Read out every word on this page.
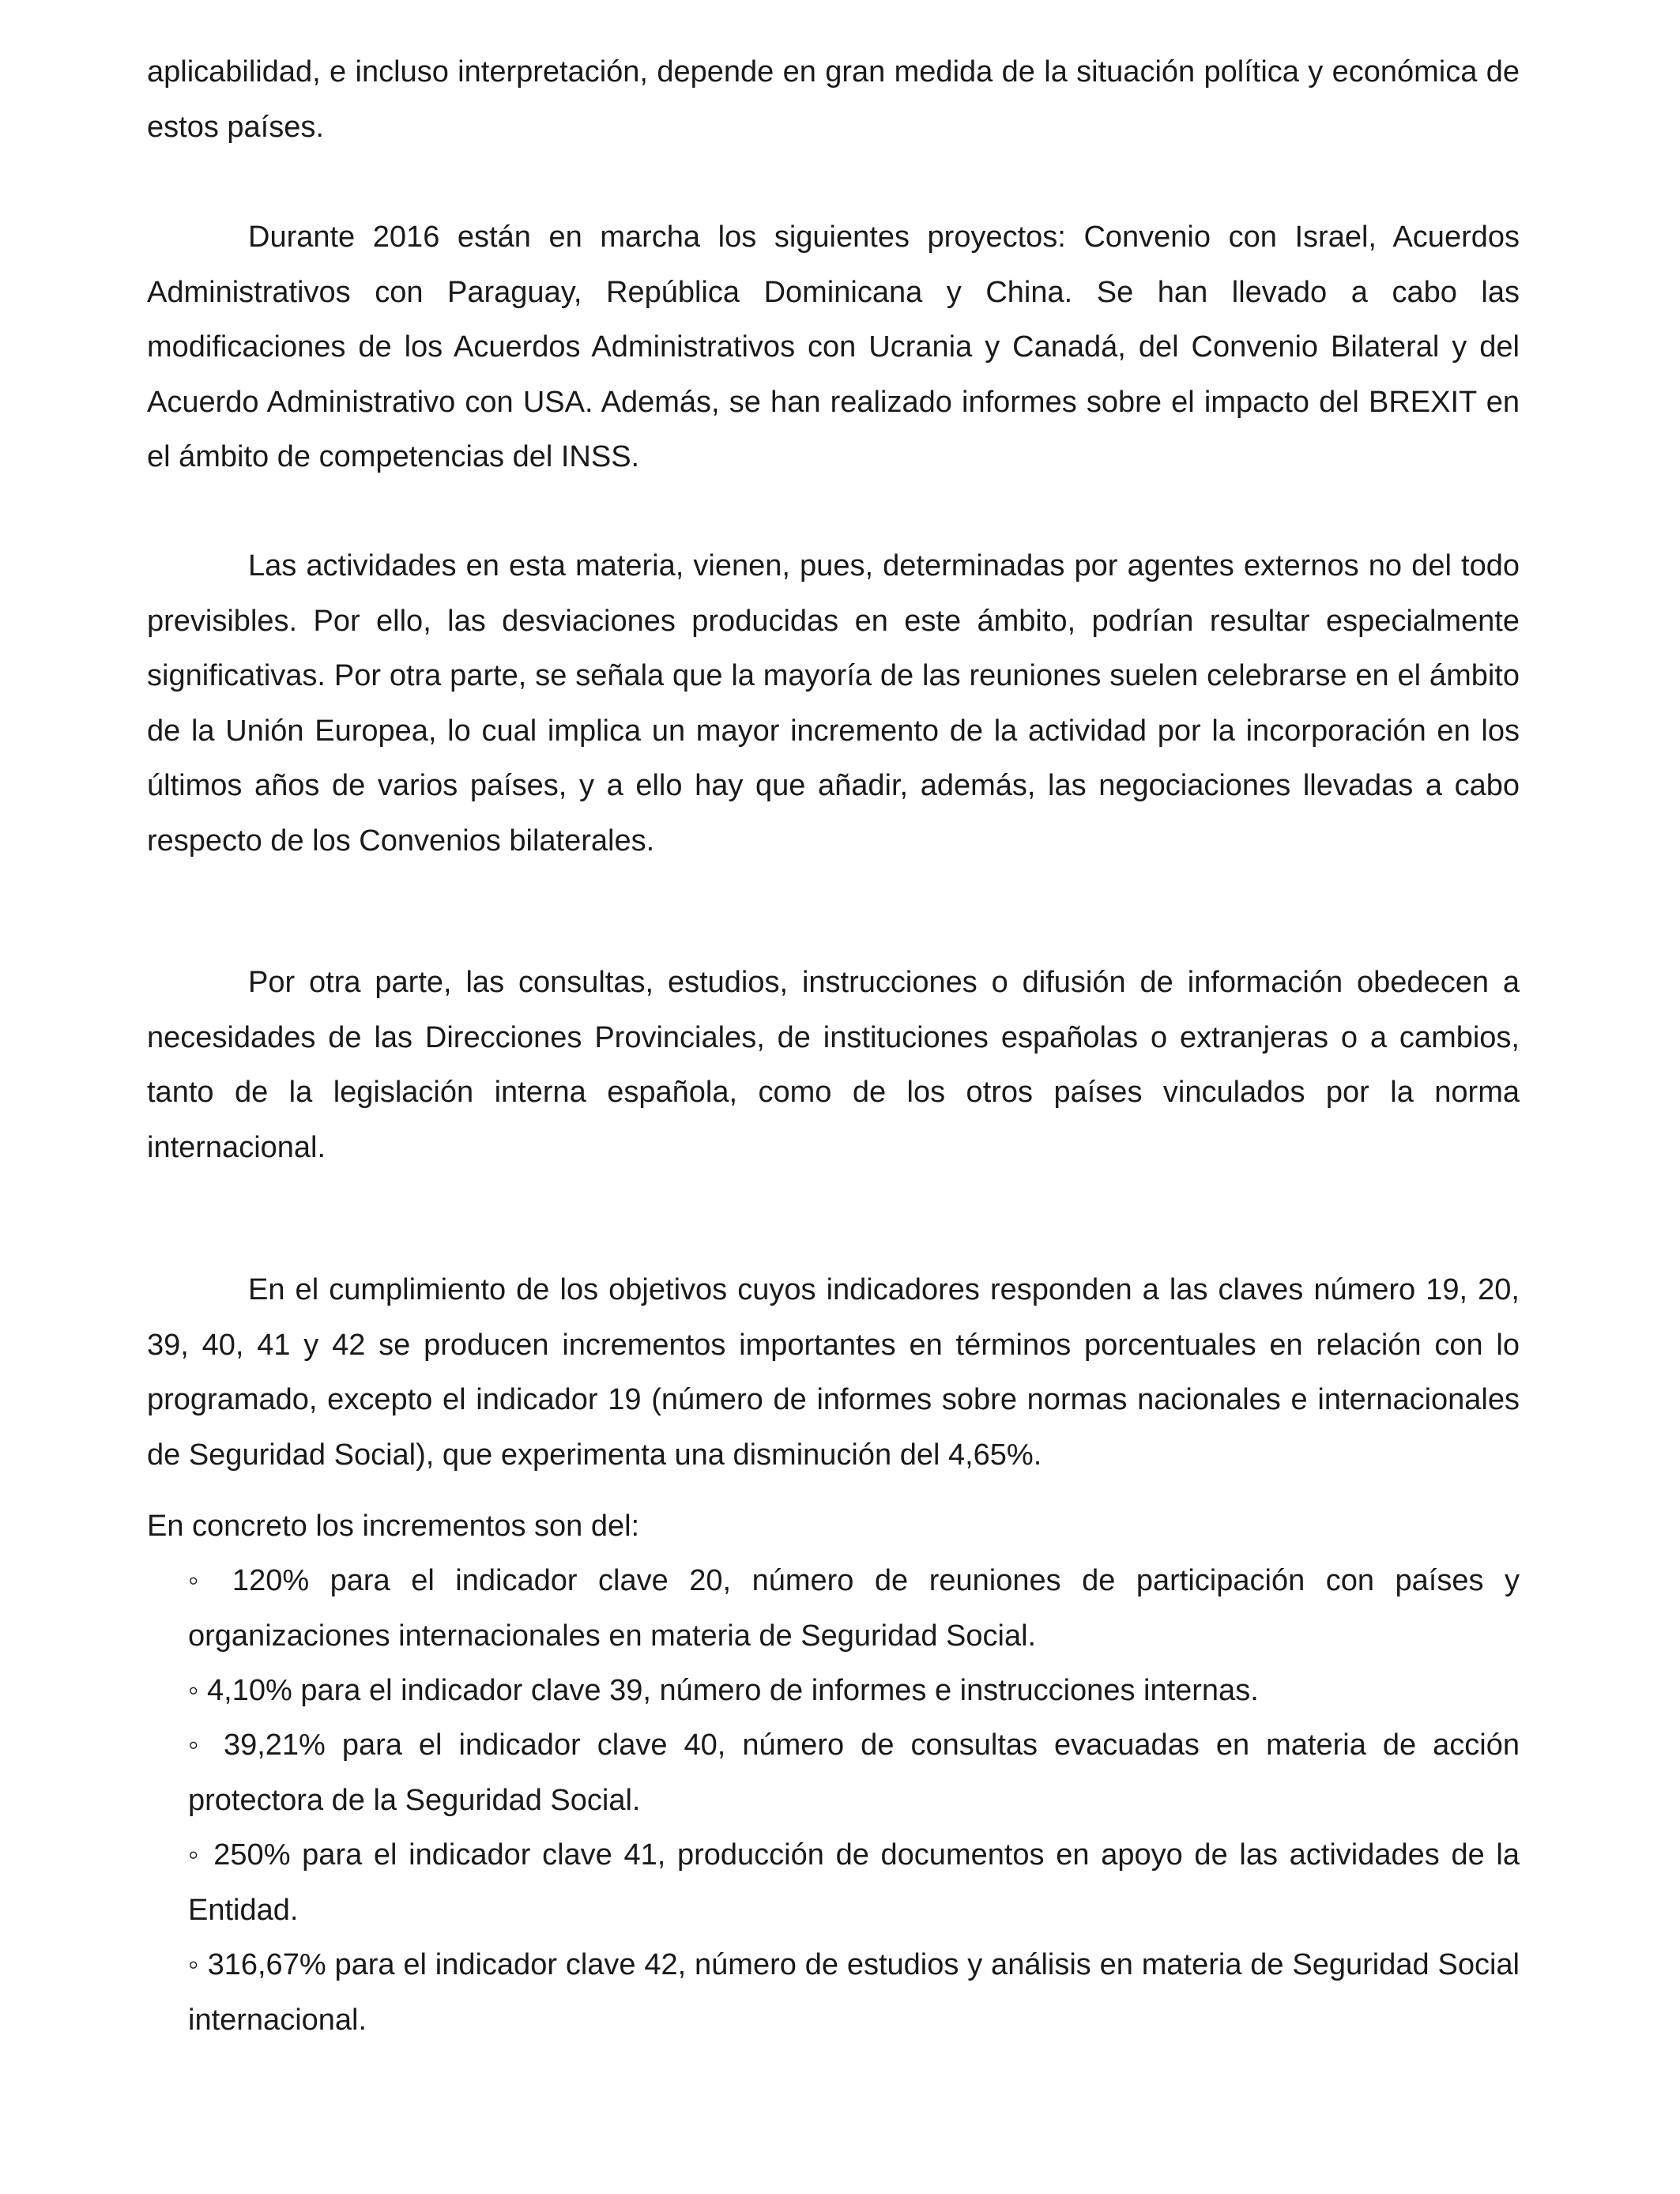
aplicabilidad, e incluso interpretación, depende en gran medida de la situación política y económica de estos países.

Durante 2016 están en marcha los siguientes proyectos: Convenio con Israel, Acuerdos Administrativos con Paraguay, República Dominicana y China. Se han llevado a cabo las modificaciones de los Acuerdos Administrativos con Ucrania y Canadá, del Convenio Bilateral y del Acuerdo Administrativo con USA. Además, se han realizado informes sobre el impacto del BREXIT en el ámbito de competencias del INSS.

Las actividades en esta materia, vienen, pues, determinadas por agentes externos no del todo previsibles. Por ello, las desviaciones producidas en este ámbito, podrían resultar especialmente significativas. Por otra parte, se señala que la mayoría de las reuniones suelen celebrarse en el ámbito de la Unión Europea, lo cual implica un mayor incremento de la actividad por la incorporación en los últimos años de varios países, y a ello hay que añadir, además, las negociaciones llevadas a cabo respecto de los Convenios bilaterales.

Por otra parte, las consultas, estudios, instrucciones o difusión de información obedecen a necesidades de las Direcciones Provinciales, de instituciones españolas o extranjeras o a cambios, tanto de la legislación interna española, como de los otros países vinculados por la norma internacional.

En el cumplimiento de los objetivos cuyos indicadores responden a las claves número 19, 20, 39, 40, 41 y 42 se producen incrementos importantes en términos porcentuales en relación con lo programado, excepto el indicador 19 (número de informes sobre normas nacionales e internacionales de Seguridad Social), que experimenta una disminución del 4,65%.

En concreto los incrementos son del:

◦ 120% para el indicador clave 20, número de reuniones de participación con países y organizaciones internacionales en materia de Seguridad Social.

◦ 4,10% para el indicador clave 39, número de informes e instrucciones internas.

◦ 39,21% para el indicador clave 40, número de consultas evacuadas en materia de acción protectora de la Seguridad Social.

◦ 250% para el indicador clave 41, producción de documentos en apoyo de las actividades de la Entidad.

◦ 316,67% para el indicador clave 42, número de estudios y análisis en materia de Seguridad Social internacional.
